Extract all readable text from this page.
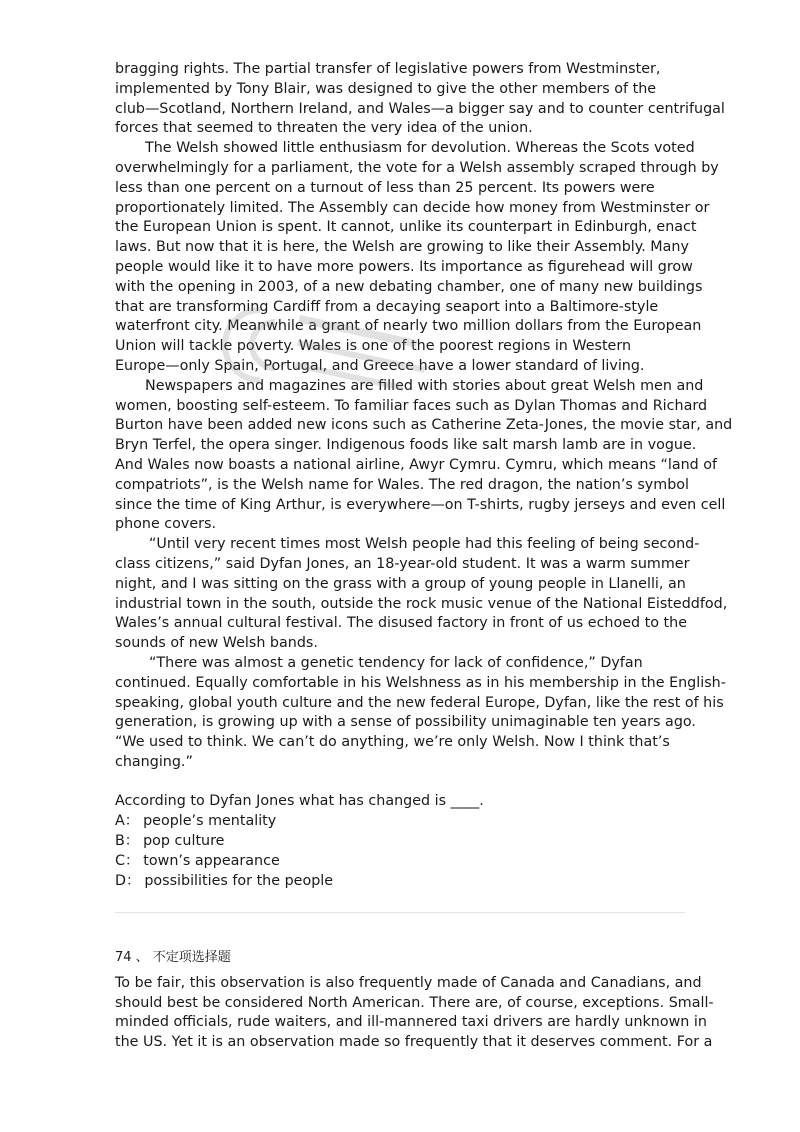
bragging rights. The partial transfer of legislative powers from Westminster,
implemented by Tony Blair, was designed to give the other members of the
club—Scotland, Northern Ireland, and Wales—a bigger say and to counter centrifugal
forces that seemed to threaten the very idea of the union.
The Welsh showed little enthusiasm for devolution. Whereas the Scots voted
overwhelmingly for a parliament, the vote for a Welsh assembly scraped through by
less than one percent on a turnout of less than 25 percent. Its powers were
proportionately limited. The Assembly can decide how money from Westminster or
the European Union is spent. It cannot, unlike its counterpart in Edinburgh, enact
laws. But now that it is here, the Welsh are growing to like their Assembly. Many
people would like it to have more powers. Its importance as figurehead will grow
with the opening in 2003, of a new debating chamber, one of many new buildings
that are transforming Cardiff from a decaying seaport into a Baltimore-style
waterfront city. Meanwhile a grant of nearly two million dollars from the European
Union will tackle poverty. Wales is one of the poorest regions in Western
Europe—only Spain, Portugal, and Greece have a lower standard of living.
Newspapers and magazines are filled with stories about great Welsh men and
women, boosting self-esteem. To familiar faces such as Dylan Thomas and Richard
Burton have been added new icons such as Catherine Zeta-Jones, the movie star, and
Bryn Terfel, the opera singer. Indigenous foods like salt marsh lamb are in vogue.
And Wales now boasts a national airline, Awyr Cymru. Cymru, which means “land of
compatriots”, is the Welsh name for Wales. The red dragon, the nation’s symbol
since the time of King Arthur, is everywhere—on T-shirts, rugby jerseys and even cell
phone covers.
“Until very recent times most Welsh people had this feeling of being second-
class citizens,” said Dyfan Jones, an 18-year-old student. It was a warm summer
night, and I was sitting on the grass with a group of young people in Llanelli, an
industrial town in the south, outside the rock music venue of the National Eisteddfod,
Wales’s annual cultural festival. The disused factory in front of us echoed to the
sounds of new Welsh bands.
“There was almost a genetic tendency for lack of confidence,” Dyfan
continued. Equally comfortable in his Welshness as in his membership in the English-
speaking, global youth culture and the new federal Europe, Dyfan, like the rest of his
generation, is growing up with a sense of possibility unimaginable ten years ago.
“We used to think. We can’t do anything, we’re only Welsh. Now I think that’s
changing.”
According to Dyfan Jones what has changed is ____.
A： people’s mentality
B： pop culture
C： town’s appearance
D： possibilities for the people
74 、 不定项选择题
To be fair, this observation is also frequently made of Canada and Canadians, and
should best be considered North American. There are, of course, exceptions. Small-
minded officials, rude waiters, and ill-mannered taxi drivers are hardly unknown in
the US. Yet it is an observation made so frequently that it deserves comment. For a
